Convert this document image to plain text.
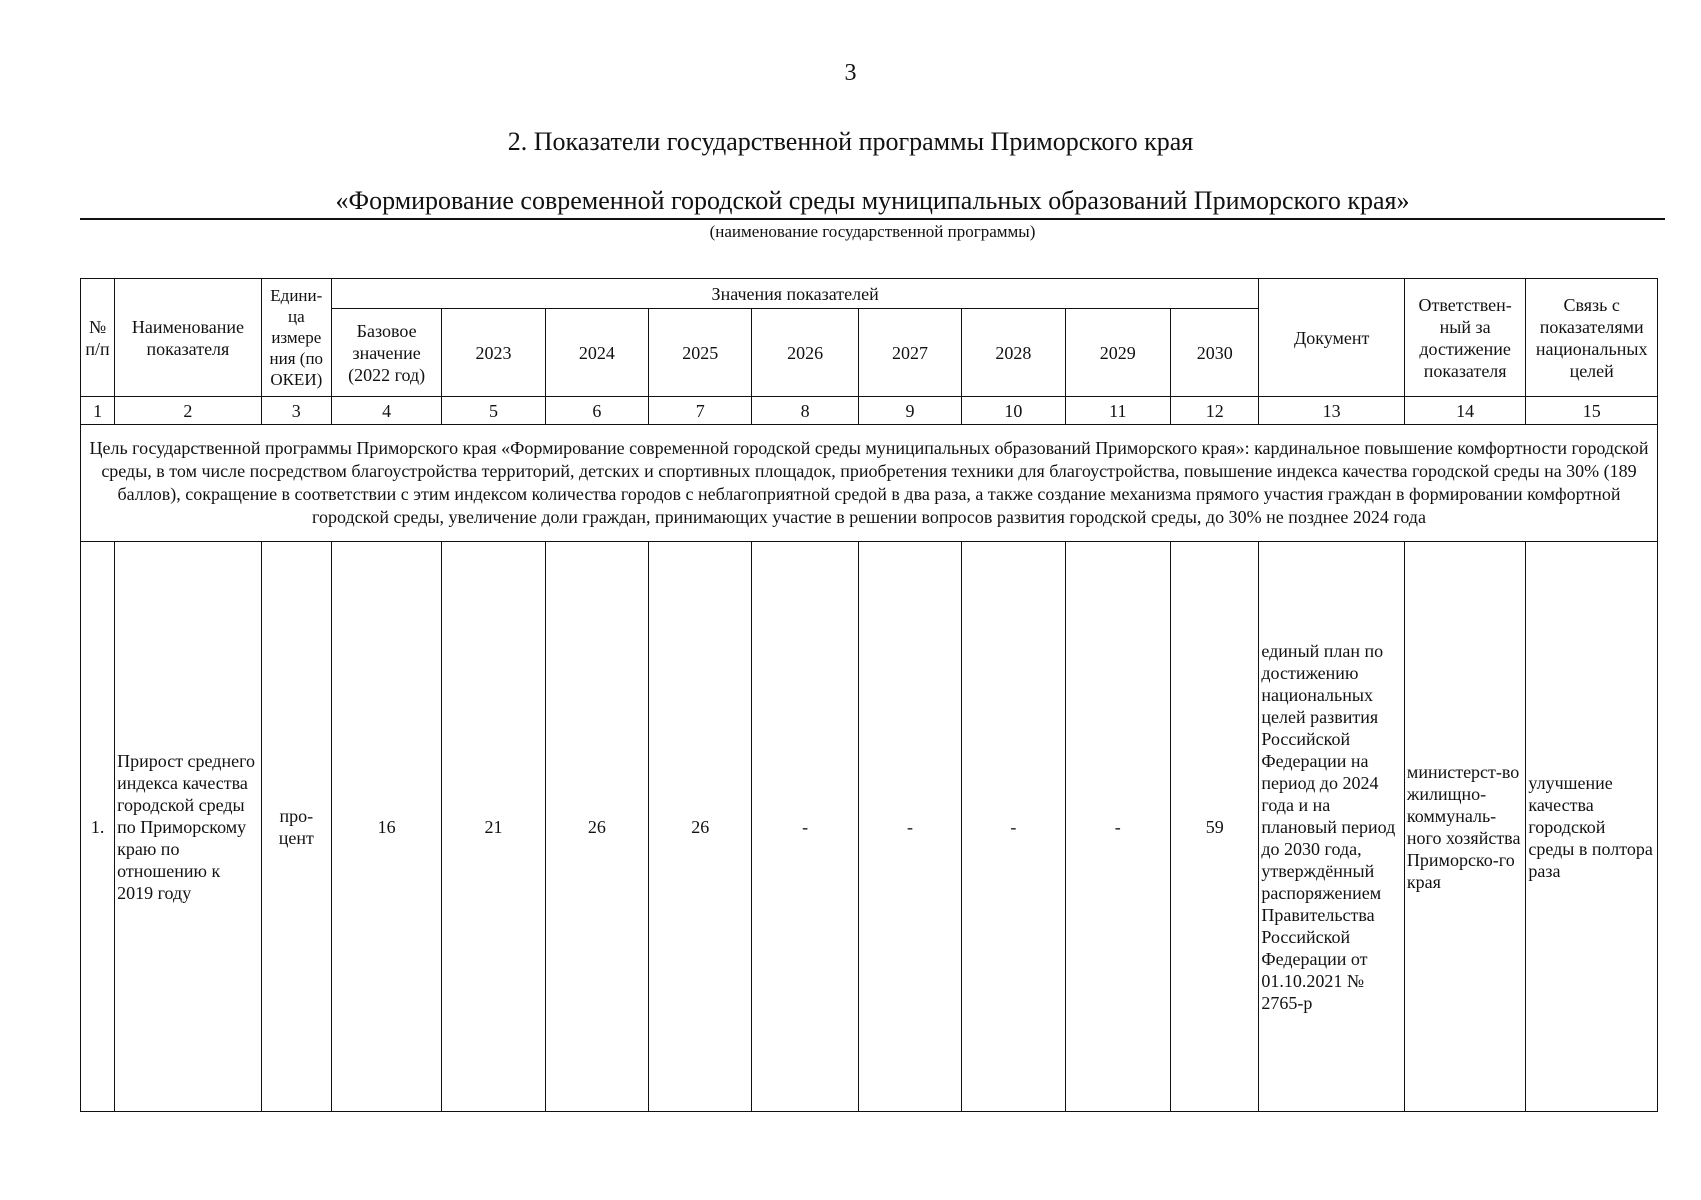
3
2. Показатели государственной программы Приморского края
«Формирование современной городской среды муниципальных образований Приморского края»
(наименование государственной программы)
№ п/п	Наименование показателя	Едини-ца измере ния (по ОКЕИ)	Значения показателей									Документ	Ответствен-ный за достижение показателя	Связь с показателями национальных целей
			Базовое значение (2022 год)	2023	2024	2025	2026	2027	2028	2029	2030			
1	2	3	4	5	6	7	8	9	10	11	12	13	14	15
Цель государственной программы Приморского края «Формирование современной городской среды муниципальных образований Приморского края»: кардинальное повышение комфортности городской среды, в том числе посредством благоустройства территорий, детских и спортивных площадок, приобретения техники для благоустройства, повышение индекса качества городской среды на 30% (189 баллов), сокращение в соответствии с этим индексом количества городов с неблагоприятной средой в два раза, а также создание механизма прямого участия граждан в формировании комфортной городской среды, увеличение доли граждан, принимающих участие в решении вопросов развития городской среды, до 30% не позднее 2024 года														
1.	Прирост среднего индекса качества городской среды по Приморскому краю по отношению к 2019 году	про-цент	16	21	26	26	-	-	-	-	59	единый план по достижению национальных целей развития Российской Федерации на период до 2024 года и на плановый период до 2030 года, утверждённый распоряжением Правительства Российской Федерации от 01.10.2021 № 2765-р	министерст-во жилищно-коммуналь-ного хозяйства Приморско-го края	улучшение качества городской среды в полтора раза
